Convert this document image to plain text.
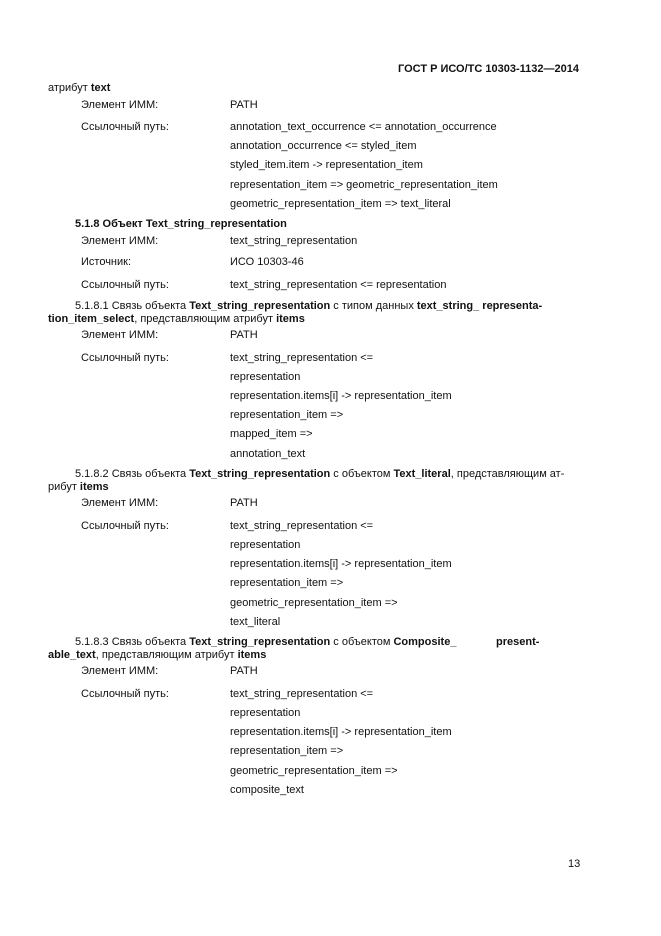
ГОСТ Р ИСО/ТС 10303-1132—2014
атрибут text
Элемент ИММ:	PATH
Ссылочный путь:	annotation_text_occurrence <= annotation_occurrence
annotation_occurrence <= styled_item
styled_item.item -> representation_item
representation_item => geometric_representation_item
geometric_representation_item => text_literal
5.1.8 Объект Text_string_representation
Элемент ИММ:	text_string_representation
Источник:	ИСО 10303-46
Ссылочный путь:	text_string_representation <= representation
5.1.8.1 Связь объекта Text_string_representation с типом данных text_string_ representa-
tion_item_select, представляющим атрибут items
Элемент ИММ:	PATH
Ссылочный путь:	text_string_representation <=
representation
representation.items[i] -> representation_item
representation_item =>
mapped_item =>
annotation_text
5.1.8.2 Связь объекта Text_string_representation с объектом Text_literal, представляющим ат-
рибут items
Элемент ИММ:	PATH
Ссылочный путь:	text_string_representation <=
representation
representation.items[i] -> representation_item
representation_item =>
geometric_representation_item =>
text_literal
5.1.8.3 Связь объекта Text_string_representation с объектом Composite_	present-
able_text, представляющим атрибут items
Элемент ИММ:	PATH
Ссылочный путь:	text_string_representation <=
representation
representation.items[i] -> representation_item
representation_item =>
geometric_representation_item =>
composite_text
13
